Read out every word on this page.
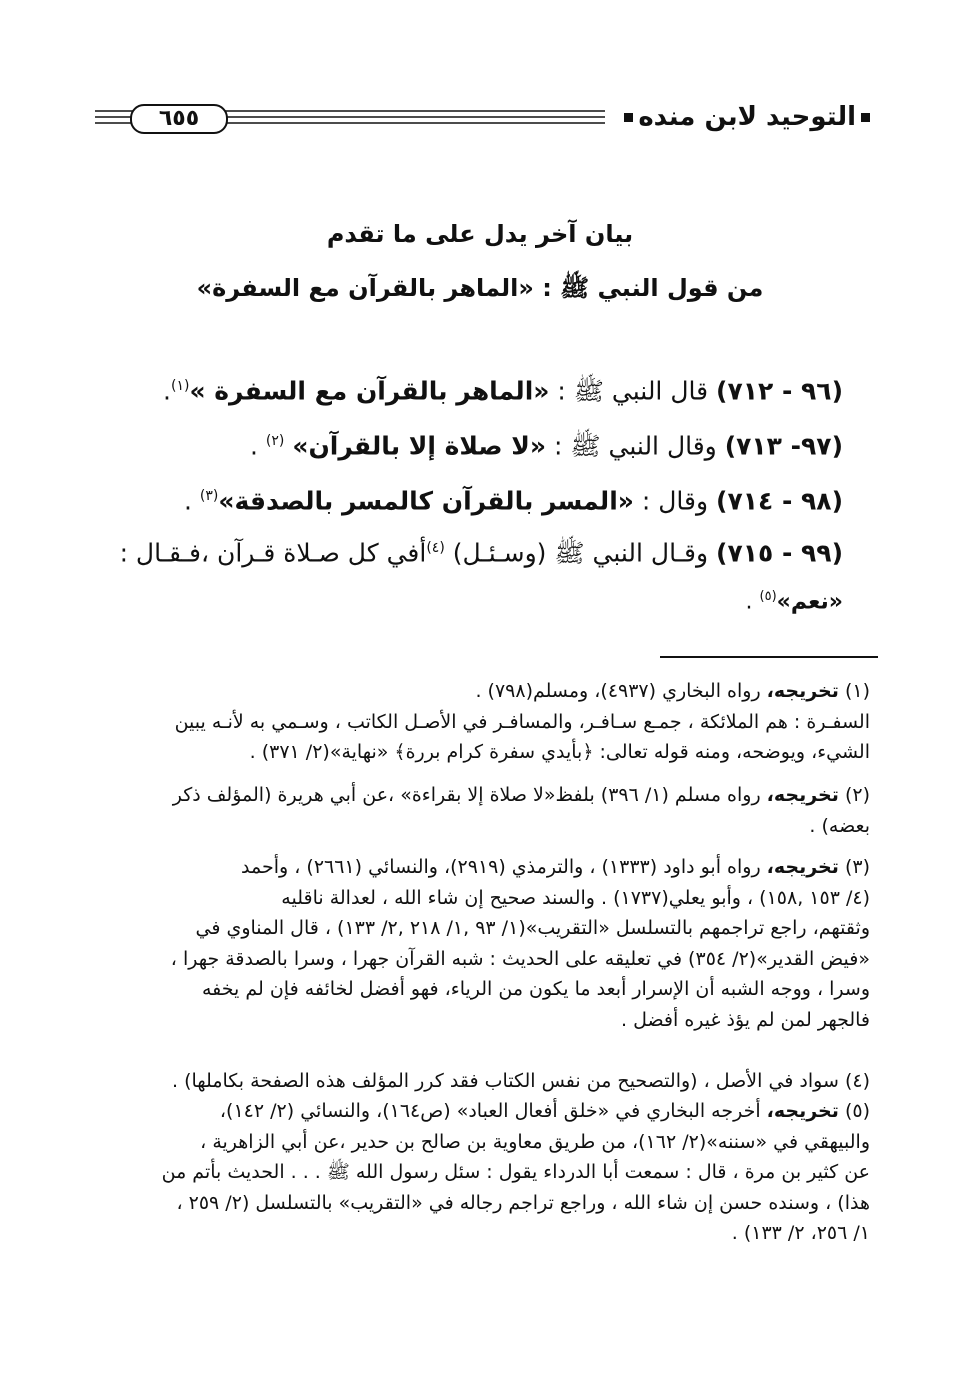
التوحيد لابن منده
٦٥٥
بيان آخر يدل على ما تقدم
من قول النبي ﷺ : «الماهر بالقرآن مع السفرة»
(٩٦ - ٧١٢) قال النبي ﷺ : «الماهر بالقرآن مع السفرة »$^{(١)}$.
(٩٧- ٧١٣) وقال النبي ﷺ : «لا صلاة إلا بالقرآن» $^{(٢)}$ .
(٩٨ - ٧١٤) وقال : «المسر بالقرآن كالمسر بالصدقة»$^{(٣)}$ .
(٩٩ - ٧١٥) وقـال النبي ﷺ (وسـئـل) $^{(٤)}$أفي كل صـلاة قـرآن ،فـقـال :
«نعم»$^{(٥)}$ .

(١) تخريجه، رواه البخاري (٤٩٣٧)، ومسلم(٧٩٨) .

السفـرة : هم الملائكة ، جمـع سـافـر، والمسافـر في الأصـل الكاتب ، وسـمي به لأنـه يبين

الشيء، ويوضحه، ومنه قوله تعالى: ﴿بأيدي سفرة كرام بررة﴾ «نهاية»(٢/ ٣٧١) .

(٢) تخريجه، رواه مسلم (١/ ٣٩٦) بلفظ«لا صلاة إلا بقراءة» ،عن أبي هريرة (المؤلف ذكر

بعضه) .

(٣) تخريجه، رواه أبو داود (١٣٣٣) ، والترمذي (٢٩١٩)، والنسائي (٢٦٦١) ، وأحمد

(٤/ ١٥٣ ,١٥٨) ، وأبو يعلي(١٧٣٧) . والسند صحيح إن شاء الله ، لعدالة ناقليه

وثقتهم، راجع تراجمهم بالتسلسل «التقريب»(١/ ٩٣ ,١/ ٢١٨ ,٢/ ١٣٣) ، قال المناوي في

«فيض القدير»(٢/ ٣٥٤) في تعليقه على الحديث : شبه القرآن جهرا ، وسرا بالصدقة جهرا ،

وسرا ، ووجه الشبه أن الإسرار أبعد ما يكون من الرياء، فهو أفضل لخائفه فإن لم يخفه

فالجهر لمن لم يؤذ غيره أفضل .

(٤) سواد في الأصل ، (والتصحيح من نفس الكتاب فقد كرر المؤلف هذه الصفحة بكاملها) .

(٥) تخريجه، أخرجه البخاري في «خلق أفعال العباد» (ص١٦٤)، والنسائي (٢/ ١٤٢)،

والبيهقي في «سننه»(٢/ ١٦٢)، من طريق معاوية بن صالح بن حدير ،عن أبي الزاهرية ،

عن كثير بن مرة ، قال : سمعت أبا الدرداء يقول : سئل رسول الله ﷺ . . . الحديث بأتم من

هذا) ، وسنده حسن إن شاء الله ، وراجع تراجم رجاله في «التقريب» بالتسلسل (٢/ ٢٥٩ ،

١/ ٢٥٦، ٢/ ١٣٣) .
